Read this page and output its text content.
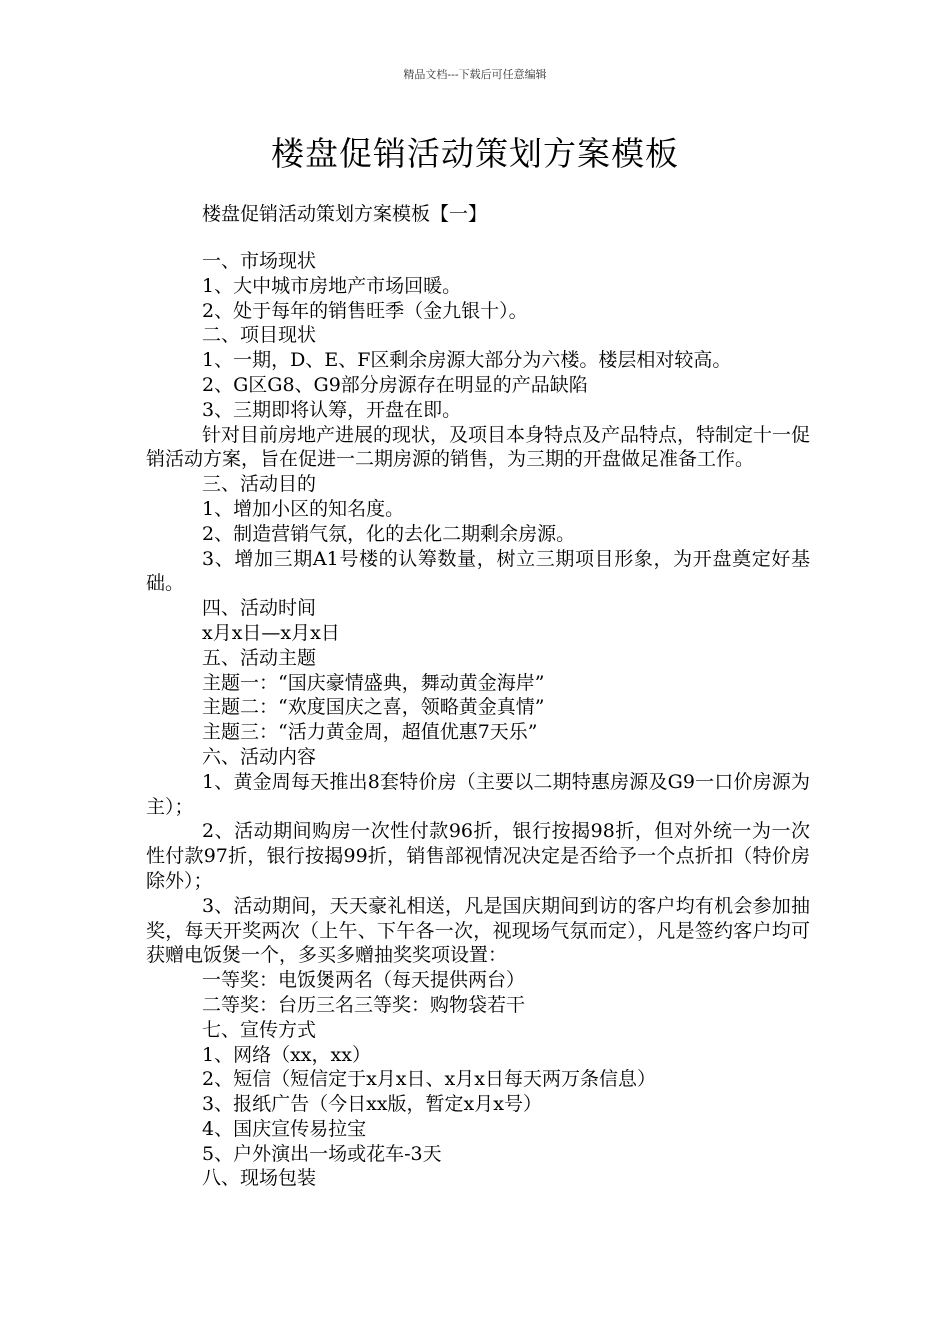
精品文档---下载后可任意编辑
楼盘促销活动策划方案模板
楼盘促销活动策划方案模板【一】

一、市场现状

1、大中城市房地产市场回暖。

2、处于每年的销售旺季（金九银十）。

二、项目现状

1、一期，D、E、F区剩余房源大部分为六楼。楼层相对较高。

2、G区G8、G9部分房源存在明显的产品缺陷

3、三期即将认筹，开盘在即。

针对目前房地产进展的现状，及项目本身特点及产品特点，特制定十一促销活动方案，旨在促进一二期房源的销售，为三期的开盘做足准备工作。

三、活动目的

1、增加小区的知名度。

2、制造营销气氛，化的去化二期剩余房源。

3、增加三期A1号楼的认筹数量，树立三期项目形象，为开盘奠定好基础。

四、活动时间

x月x日—x月x日

五、活动主题

主题一：“国庆豪情盛典，舞动黄金海岸”

主题二：“欢度国庆之喜，领略黄金真情”

主题三：“活力黄金周，超值优惠7天乐”

六、活动内容

1、黄金周每天推出8套特价房（主要以二期特惠房源及G9一口价房源为主）；

2、活动期间购房一次性付款96折，银行按揭98折，但对外统一为一次性付款97折，银行按揭99折，销售部视情况决定是否给予一个点折扣（特价房除外）；

3、活动期间，天天豪礼相送，凡是国庆期间到访的客户均有机会参加抽奖，每天开奖两次（上午、下午各一次，视现场气氛而定），凡是签约客户均可获赠电饭煲一个，多买多赠抽奖奖项设置：

一等奖：电饭煲两名（每天提供两台）

二等奖：台历三名三等奖：购物袋若干

七、宣传方式

1、网络（xx，xx）

2、短信（短信定于x月x日、x月x日每天两万条信息）

3、报纸广告（今日xx版，暂定x月x号）

4、国庆宣传易拉宝

5、户外演出一场或花车-3天

八、现场包装
